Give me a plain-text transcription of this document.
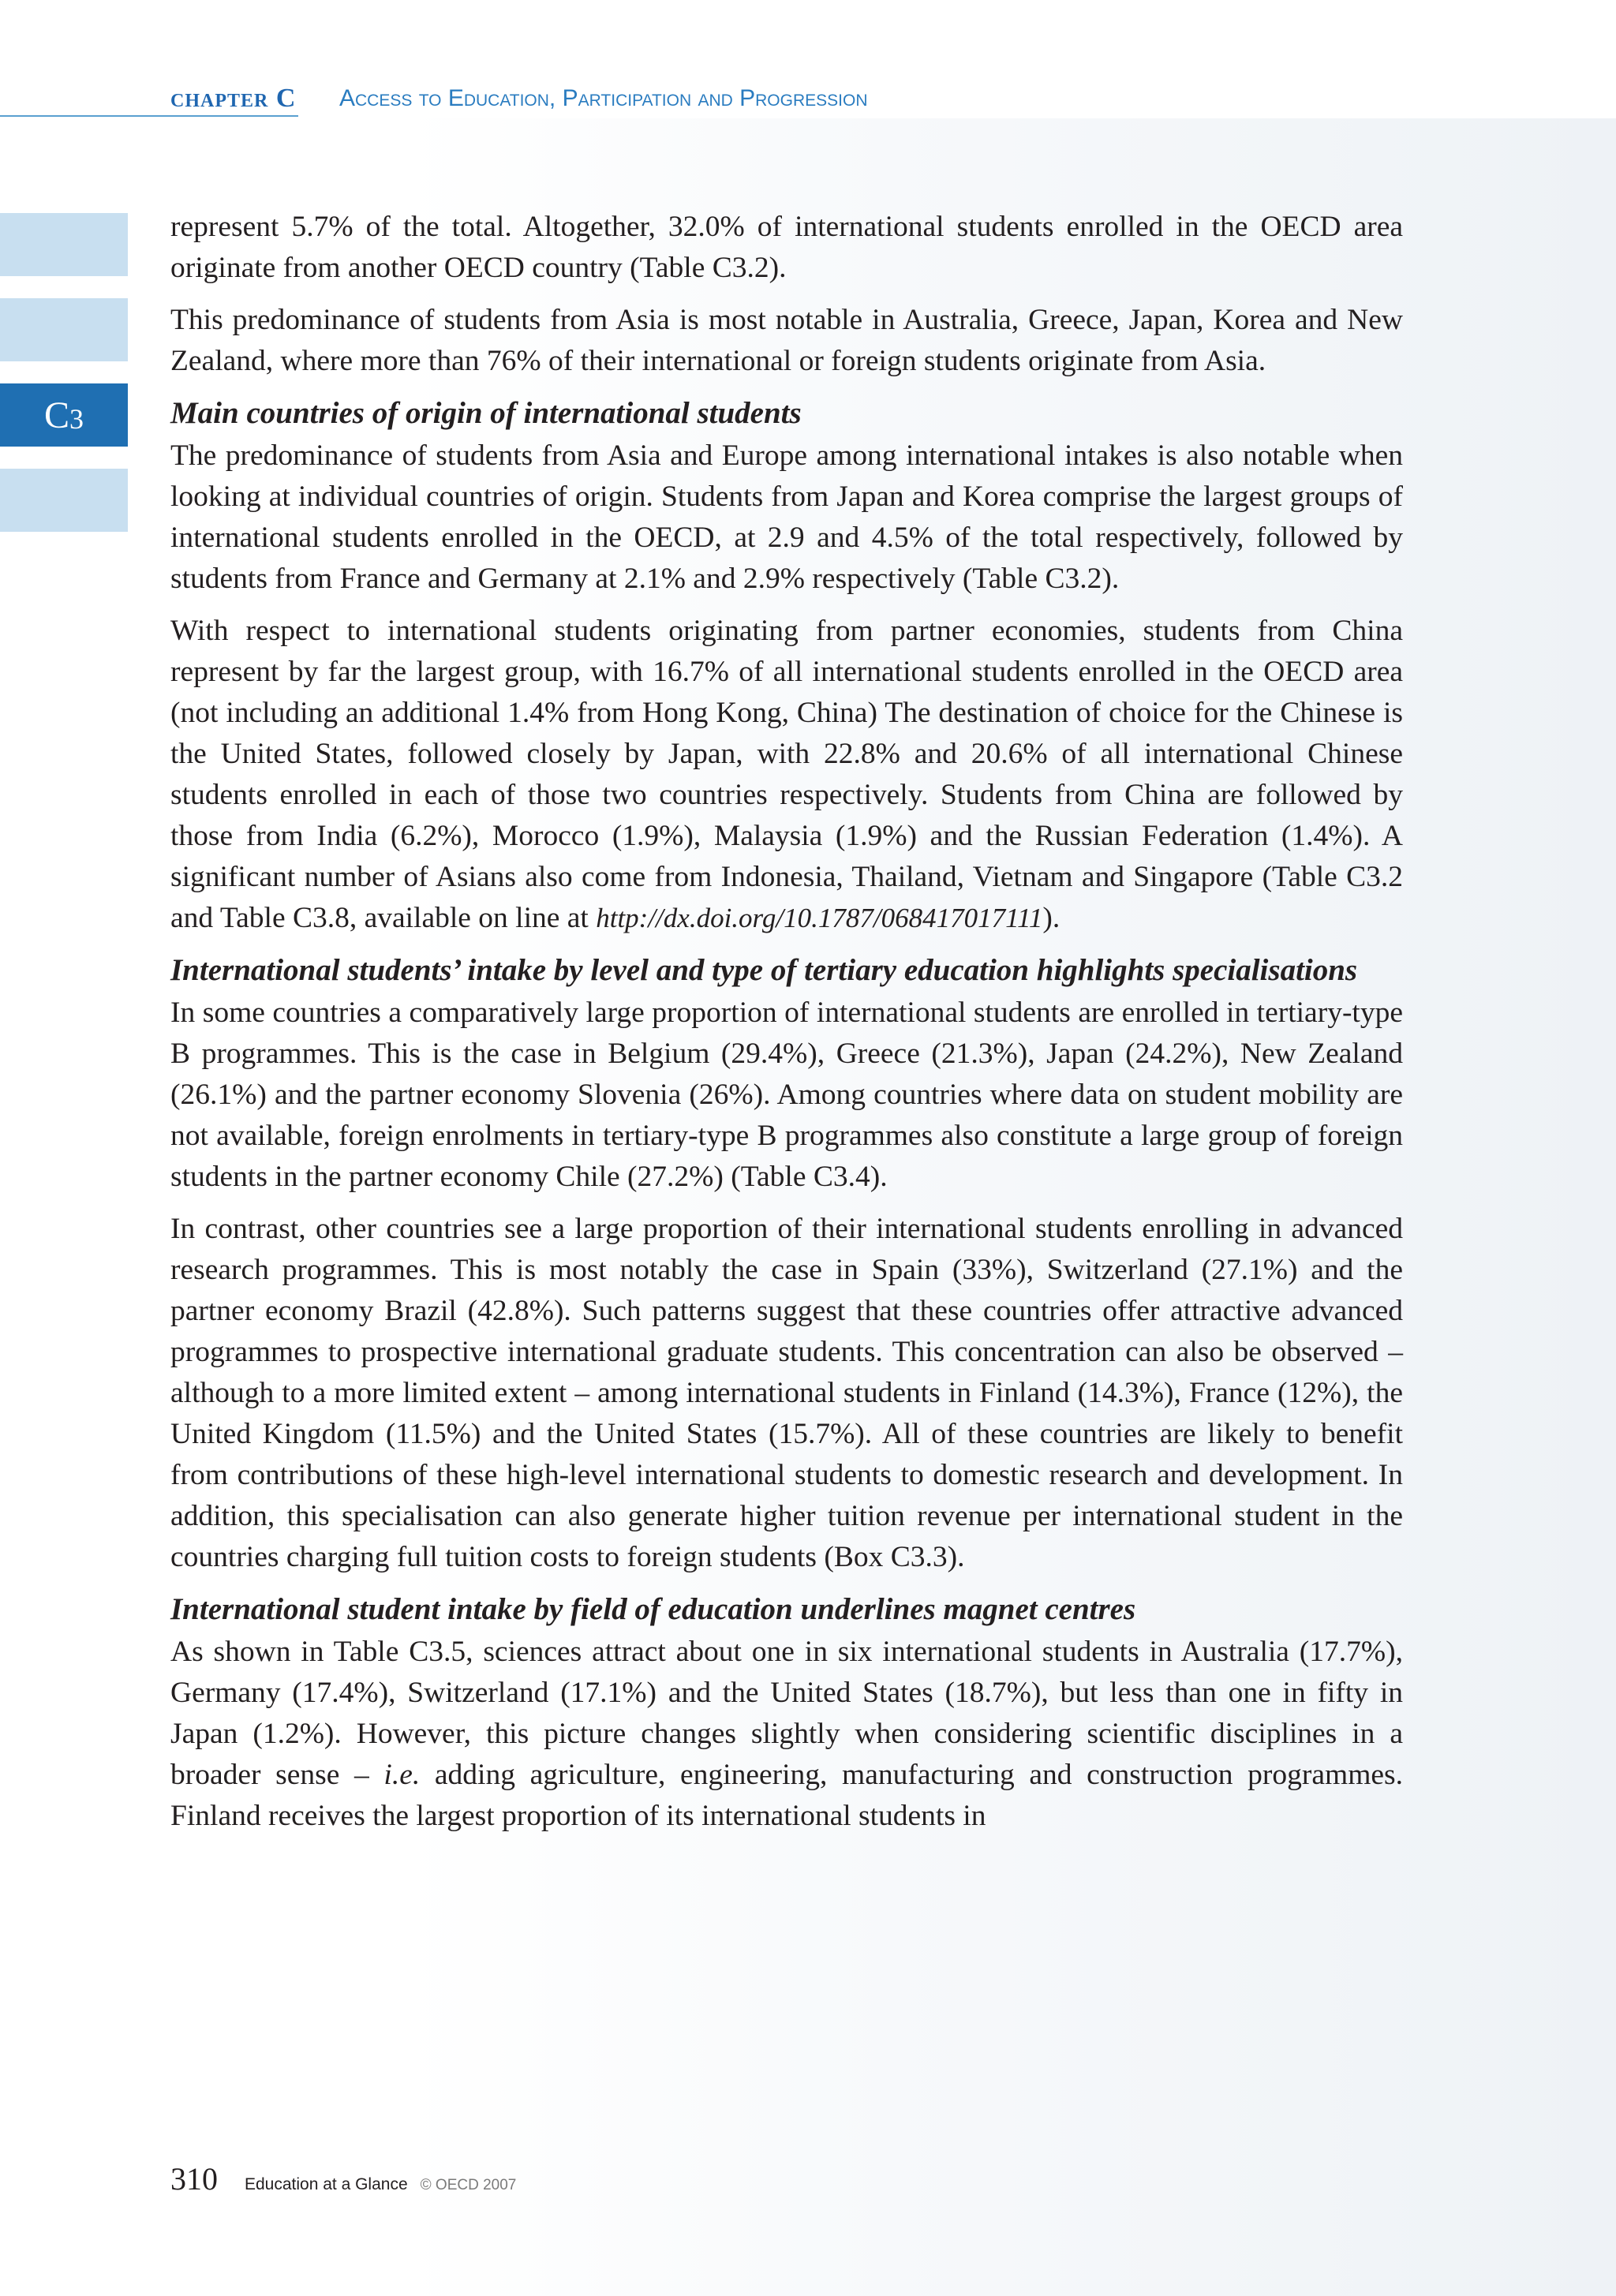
chapter C Access to Education, Participation and Progression
C 3

represent 5.7% of the total. Altogether, 32.0% of international students enrolled in the OECD area originate from another OECD country (Table C3.2).

This predominance of students from Asia is most notable in Australia, Greece, Japan, Korea and New Zealand, where more than 76% of their international or foreign students originate from Asia.

Main countries of origin of international students

The predominance of students from Asia and Europe among international intakes is also notable when looking at individual countries of origin. Students from Japan and Korea comprise the largest groups of international students enrolled in the OECD, at 2.9 and 4.5% of the total respectively, followed by students from France and Germany at 2.1% and 2.9% respectively (Table C3.2).

With respect to international students originating from partner economies, students from China represent by far the largest group, with 16.7% of all international students enrolled in the OECD area (not including an additional 1.4% from Hong Kong, China) The destination of choice for the Chinese is the United States, followed closely by Japan, with 22.8% and 20.6% of all international Chinese students enrolled in each of those two countries respectively. Students from China are followed by those from India (6.2%), Morocco (1.9%), Malaysia (1.9%) and the Russian Federation (1.4%). A significant number of Asians also come from Indonesia, Thailand, Vietnam and Singapore (Table C3.2 and Table C3.8, available on line at http://dx.doi.org/10.1787/068417017111).

International students’ intake by level and type of tertiary education highlights specialisations

In some countries a comparatively large proportion of international students are enrolled in tertiary-type B programmes. This is the case in Belgium (29.4%), Greece (21.3%), Japan (24.2%), New Zealand (26.1%) and the partner economy Slovenia (26%). Among countries where data on student mobility are not available, foreign enrolments in tertiary-type B programmes also constitute a large group of foreign students in the partner economy Chile (27.2%) (Table C3.4).

In contrast, other countries see a large proportion of their international students enrolling in advanced research programmes. This is most notably the case in Spain (33%), Switzerland (27.1%) and the partner economy Brazil (42.8%). Such patterns suggest that these countries offer attractive advanced programmes to prospective international graduate students. This concentration can also be observed – although to a more limited extent – among international students in Finland (14.3%), France (12%), the United Kingdom (11.5%) and the United States (15.7%). All of these countries are likely to benefit from contributions of these high-level international students to domestic research and development. In addition, this specialisation can also generate higher tuition revenue per international student in the countries charging full tuition costs to foreign students (Box C3.3).

International student intake by field of education underlines magnet centres

As shown in Table C3.5, sciences attract about one in six international students in Australia (17.7%), Germany (17.4%), Switzerland (17.1%) and the United States (18.7%), but less than one in fifty in Japan (1.2%). However, this picture changes slightly when considering scientific disciplines in a broader sense – i.e. adding agriculture, engineering, manufacturing and construction programmes. Finland receives the largest proportion of its international students in

310 Education at a Glance © OECD 2007
